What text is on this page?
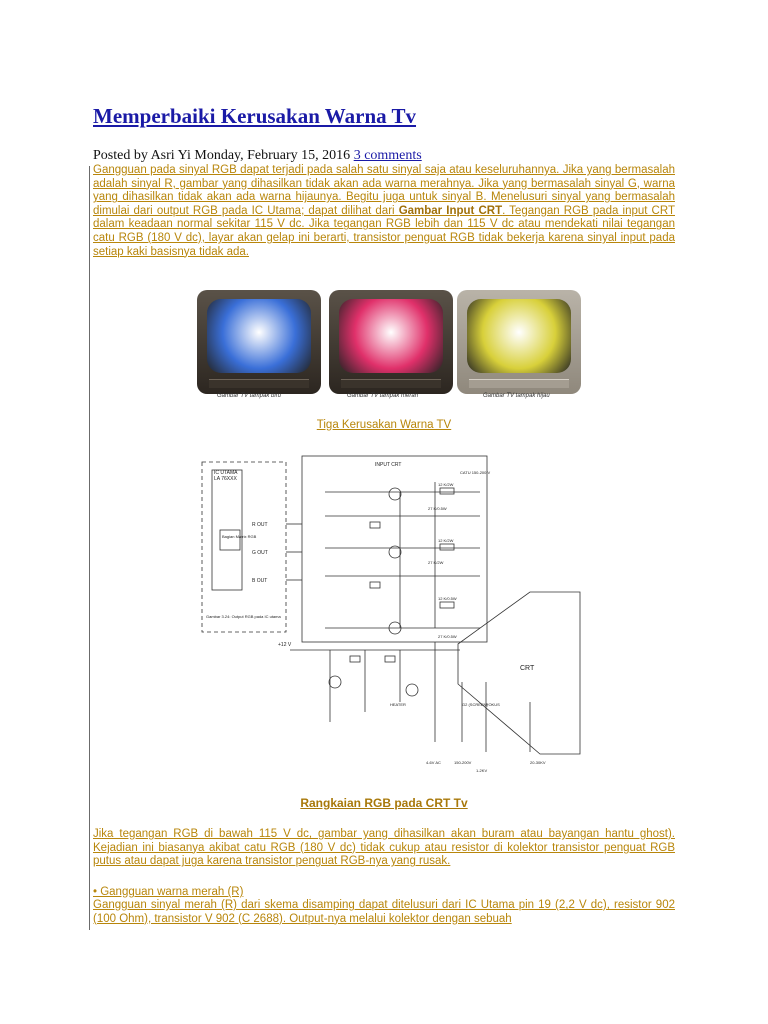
Memperbaiki Kerusakan Warna Tv
Posted by Asri Yi Monday, February 15, 2016 3 comments

Gangguan pada sinyal RGB dapat terjadi pada salah satu sinyal saja atau keseluruhannya. Jika yang bermasalah adalah sinyal R, gambar yang dihasilkan tidak akan ada warna merahnya. Jika yang bermasalah sinyal G, warna yang dihasilkan tidak akan ada warna hijaunya. Begitu juga untuk sinyal B. Menelusuri sinyal yang bermasalah dimulai dari output RGB pada IC Utama; dapat dilihat dari Gambar Input CRT. Tegangan RGB pada input CRT dalam keadaan normal sekitar 115 V dc. Jika tegangan RGB lebih dan 115 V dc atau mendekati nilai tegangan catu RGB (180 V dc), layar akan gelap ini berarti, transistor penguat RGB tidak bekerja karena sinyal input pada setiap kaki basisnya tidak ada.

Gambar TV tampak biru	Gambar TV tampak merah	Gambar TV tampak hijau
Tiga Kerusakan Warna TV
IC UTAMA
LA 76XXX
Bagian Matrix RGB
R OUT
G OUT
B OUT
Gambar 3.24: Output RGB pada IC utama
INPUT CRT
CATU 150-200 V
CRT
+12 V
12 K/2W
27 K/0.5W
12 K/2W
27 K/2W
12 K/0.5W
27 K/0.5W
HEATER	G2 (SCREEN)
FOKUS
4-6V AC	150-200V
1-2KV
20-30KV
Rangkaian RGB pada CRT Tv

Jika tegangan RGB di bawah 115 V dc, gambar yang dihasilkan akan buram atau bayangan hantu ghost). Kejadian ini biasanya akibat catu RGB (180 V dc) tidak cukup atau resistor di kolektor transistor penguat RGB putus atau dapat juga karena transistor penguat RGB-nya yang rusak.

• Gangguan warna merah (R)

Gangguan sinyal merah (R) dari skema disamping dapat ditelusuri dari IC Utama pin 19 (2,2 V dc), resistor 902 (100 Ohm), transistor V 902 (C 2688). Output-nya melalui kolektor dengan sebuah
